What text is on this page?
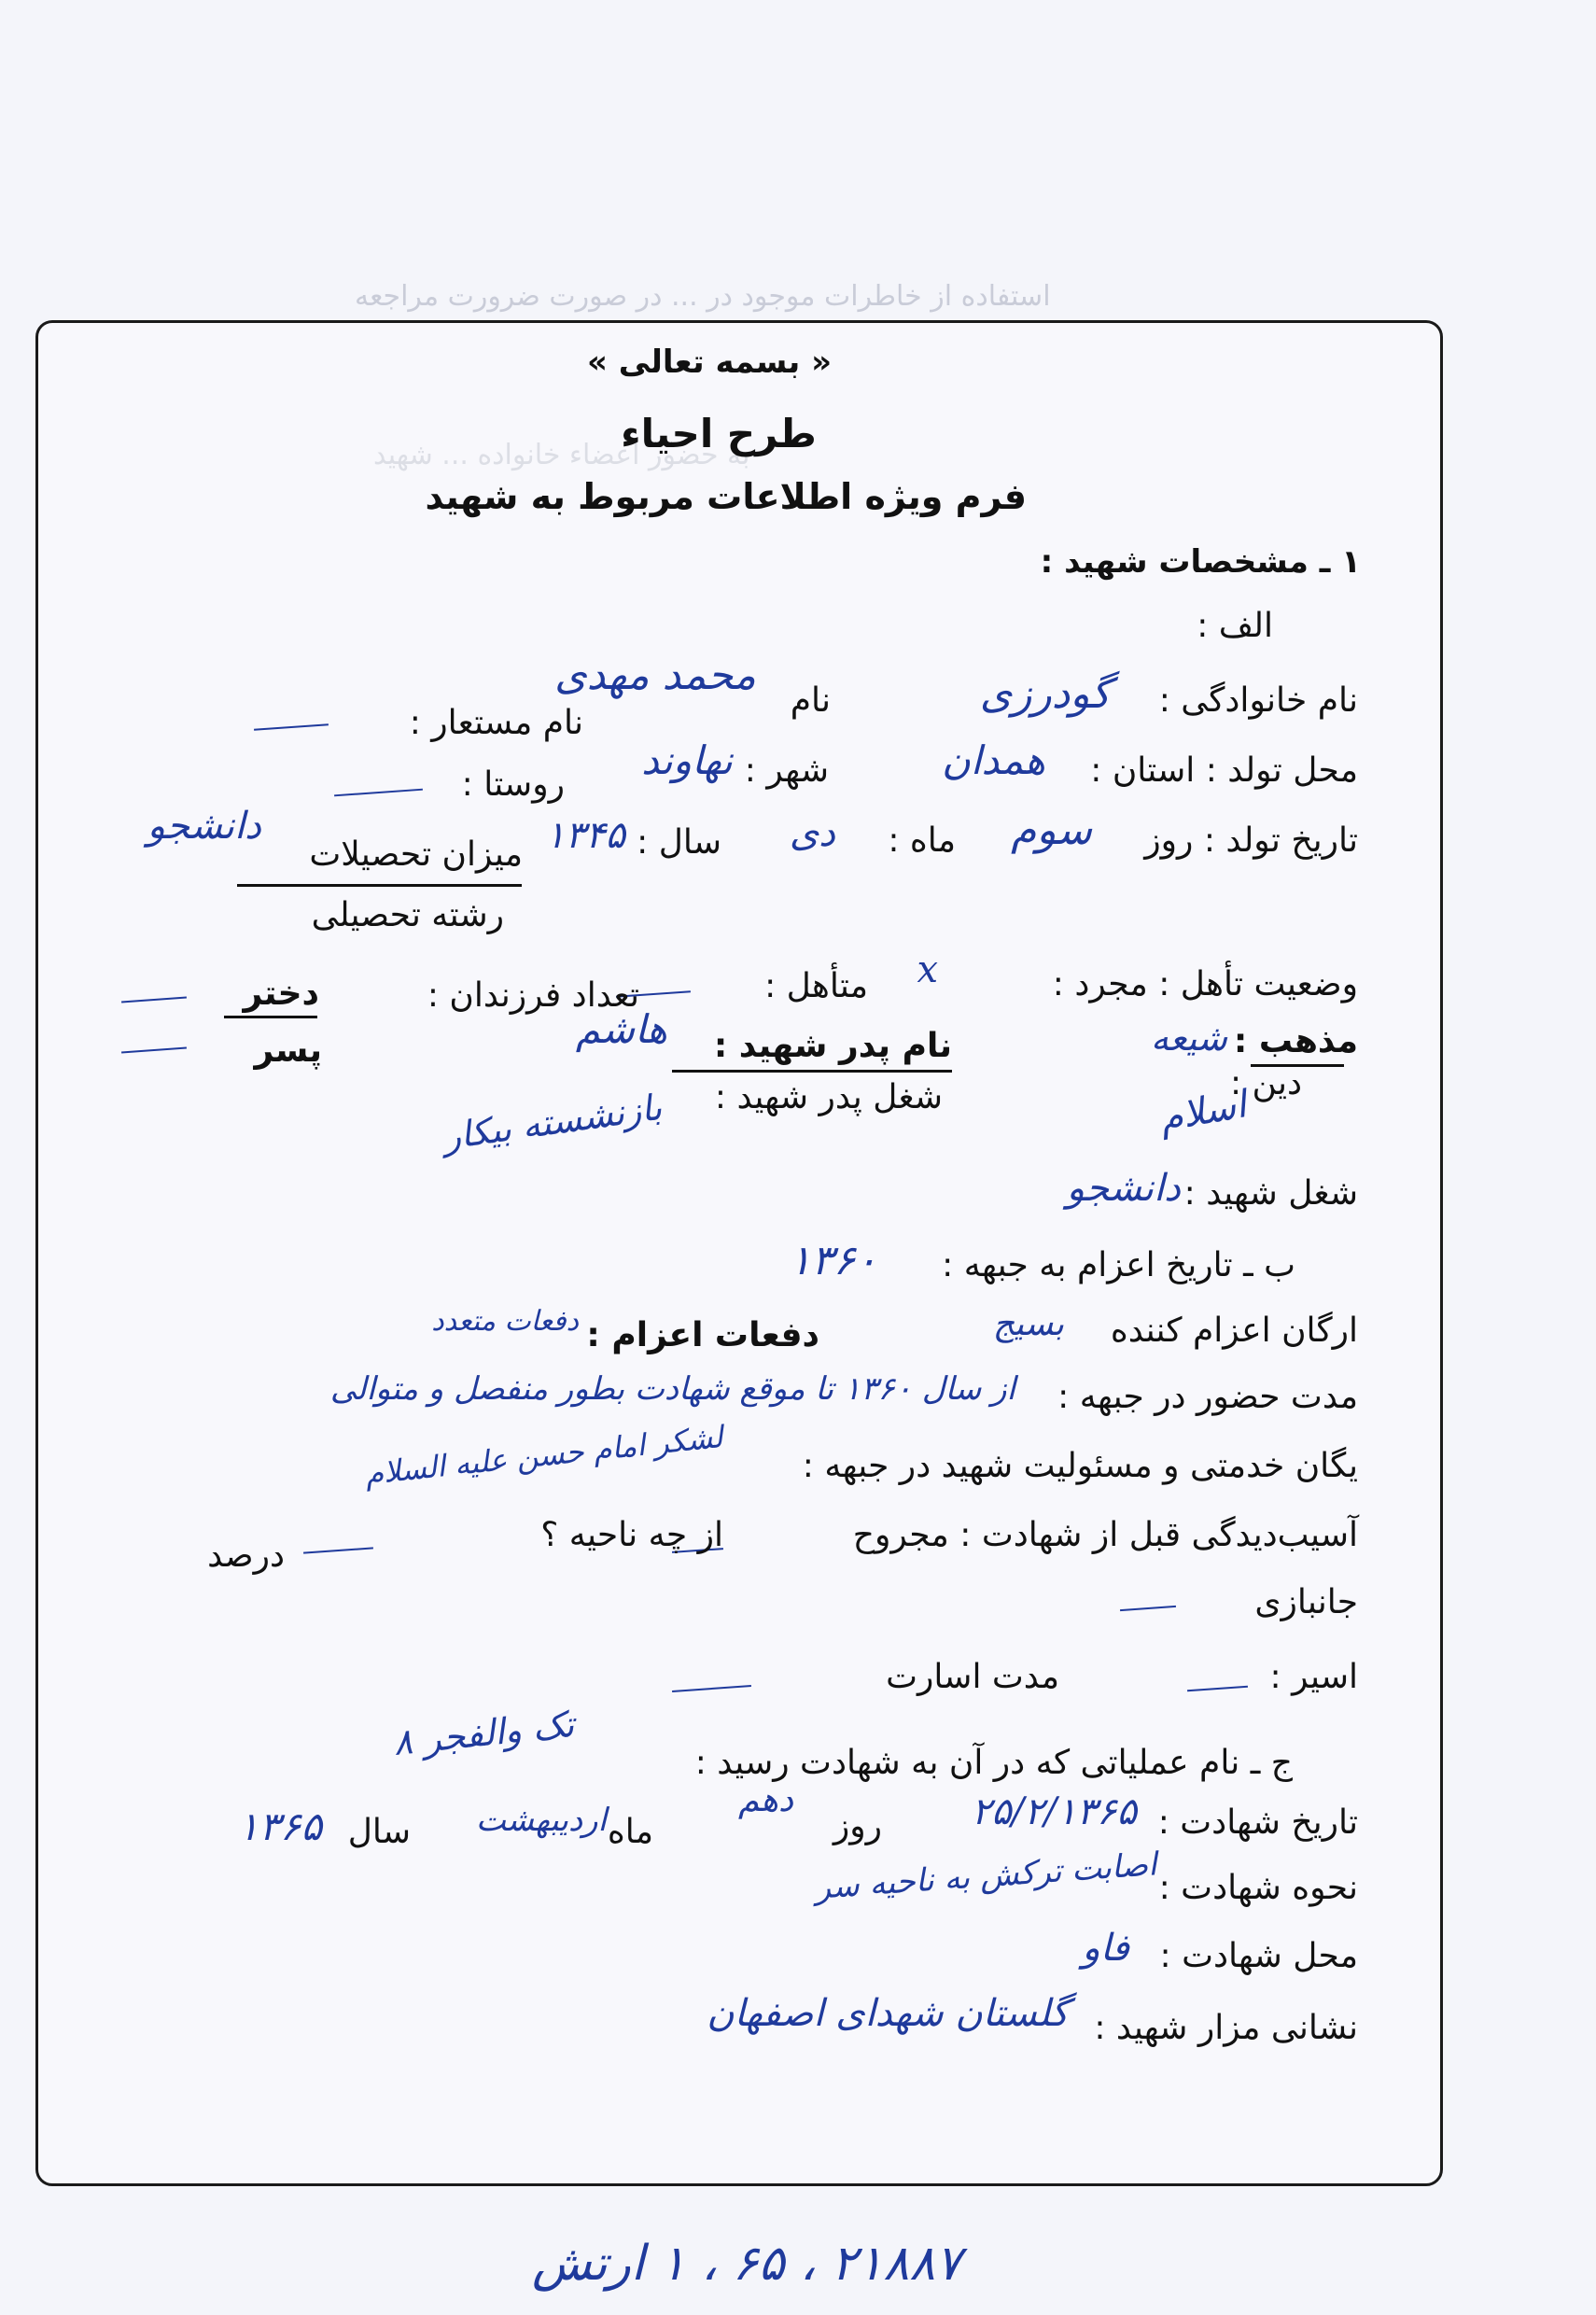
استفاده از خاطرات موجود در ... در صورت ضرورت مراجعه
به حضور اعضاء خانواده ... شهید
« بسمه تعالی »
طرح احیاء
فرم ویژه اطلاعات مربوط به شهید
۱ ـ مشخصات شهید :
الف :
نام خانوادگی :
گودرزی
نام
محمد مهدی
نام مستعار :
محل تولد : استان :
همدان
شهر :
نهاوند
روستا :
تاریخ تولد : روز
سوم
ماه :
دی
سال :
۱۳۴۵
میزان تحصیلات
دانشجو
رشته تحصیلی
وضعیت تأهل : مجرد :
x
متأهل :
تعداد فرزندان :
دختر
مذهب :
شیعه
نام پدر شهید :
هاشم
پسر
دین :
اسلام
شغل پدر شهید :
بازنشسته بیکار
شغل شهید :
دانشجو
ب ـ تاریخ اعزام به جبهه :
۱۳۶۰
ارگان اعزام کننده
بسیج
دفعات اعزام :
دفعات متعدد
مدت حضور در جبهه :
از سال ۱۳۶۰ تا موقع شهادت بطور منفصل و متوالی
یگان خدمتی و مسئولیت شهید در جبهه :
لشکر امام حسن علیه السلام
آسیب‌دیدگی قبل از شهادت : مجروح
از چه ناحیه ؟
درصد
جانبازی
اسیر :
مدت اسارت
ج ـ نام عملیاتی که در آن به شهادت رسید :
تک والفجر ۸
تاریخ شهادت :
۲۵/۲/۱۳۶۵
روز
دهم
ماه
اردیبهشت
سال
۱۳۶۵
نحوه شهادت :
اصابت ترکش به ناحیه سر
محل شهادت :
فاو
نشانی مزار شهید :
گلستان شهدای اصفهان
۲۱۸۸۷ ، ۶۵ ، ۱ ارتش
